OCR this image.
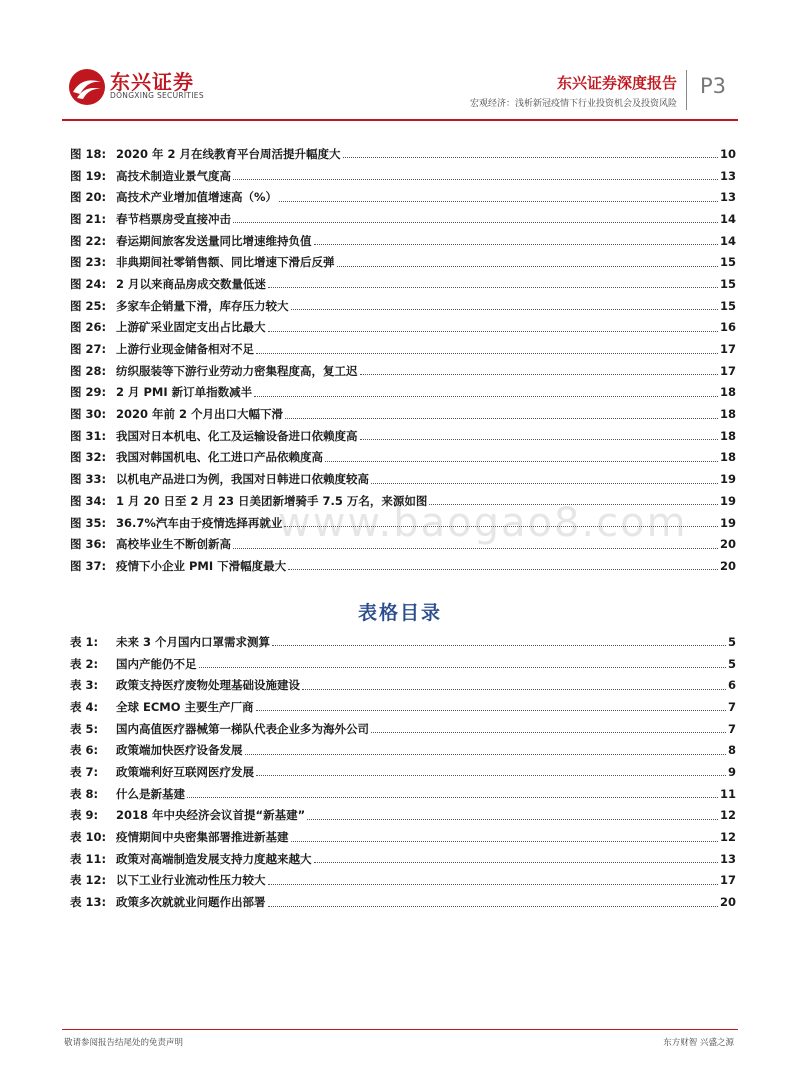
东兴证券
DONGXING SECURITIES
东兴证券深度报告
宏观经济：浅析新冠疫情下行业投资机会及投资风险
P3
www.baogao8.com
图 18: 2020 年 2 月在线教育平台周活提升幅度大	10
图 19: 高技术制造业景气度高	13
图 20: 高技术产业增加值增速高（%）	13
图 21: 春节档票房受直接冲击	14
图 22: 春运期间旅客发送量同比增速维持负值	14
图 23: 非典期间社零销售额、同比增速下滑后反弹	15
图 24: 2 月以来商品房成交数量低迷	15
图 25: 多家车企销量下滑，库存压力较大	15
图 26: 上游矿采业固定支出占比最大	16
图 27: 上游行业现金储备相对不足	17
图 28: 纺织服装等下游行业劳动力密集程度高，复工迟	17
图 29: 2 月 PMI 新订单指数减半	18
图 30: 2020 年前 2 个月出口大幅下滑	18
图 31: 我国对日本机电、化工及运输设备进口依赖度高	18
图 32: 我国对韩国机电、化工进口产品依赖度高	18
图 33: 以机电产品进口为例，我国对日韩进口依赖度较高	19
图 34: 1 月 20 日至 2 月 23 日美团新增骑手 7.5 万名，来源如图	19
图 35: 36.7%汽车由于疫情选择再就业	19
图 36: 高校毕业生不断创新高	20
图 37: 疫情下小企业 PMI 下滑幅度最大	20
表格目录
表 1:	未来 3 个月国内口罩需求测算	5
表 2:	国内产能仍不足	5
表 3:	政策支持医疗废物处理基础设施建设	6
表 4:	全球 ECMO 主要生产厂商	7
表 5:	国内高值医疗器械第一梯队代表企业多为海外公司	7
表 6:	政策端加快医疗设备发展	8
表 7:	政策端利好互联网医疗发展	9
表 8:	什么是新基建	11
表 9:	2018 年中央经济会议首提“新基建”	12
表 10: 疫情期间中央密集部署推进新基建	12
表 11: 政策对高端制造发展支持力度越来越大	13
表 12: 以下工业行业流动性压力较大	17
表 13: 政策多次就就业问题作出部署	20
敬请参阅报告结尾处的免责声明	东方财智 兴盛之源
